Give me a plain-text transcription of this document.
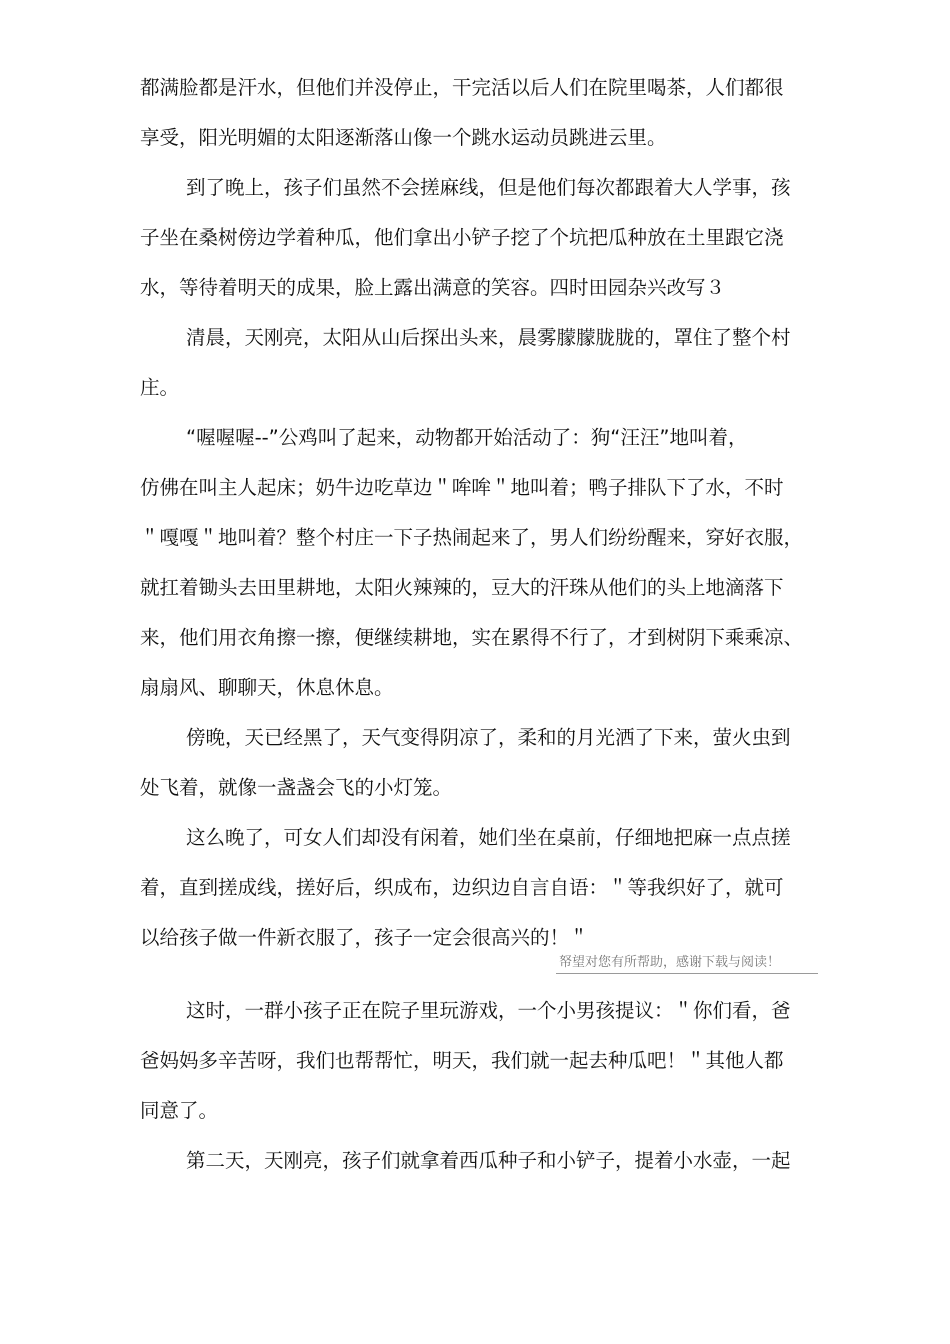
都满脸都是汗水，但他们并没停止，干完活以后人们在院里喝茶，人们都很
享受，阳光明媚的太阳逐渐落山像一个跳水运动员跳进云里。
到了晚上，孩子们虽然不会搓麻线，但是他们每次都跟着大人学事，孩
子坐在桑树傍边学着种瓜，他们拿出小铲子挖了个坑把瓜种放在土里跟它浇
水，等待着明天的成果，脸上露出满意的笑容。四时田园杂兴改写３
清晨，天刚亮，太阳从山后探出头来，晨雾朦朦胧胧的，罩住了整个村
庄。
“喔喔喔--”公鸡叫了起来，动物都开始活动了：狗“汪汪”地叫着，
仿佛在叫主人起床；奶牛边吃草边＂哞哞＂地叫着；鸭子排队下了水，不时
＂嘎嘎＂地叫着？整个村庄一下子热闹起来了，男人们纷纷醒来，穿好衣服，
就扛着锄头去田里耕地，太阳火辣辣的，豆大的汗珠从他们的头上地滴落下
来，他们用衣角擦一擦，便继续耕地，实在累得不行了，才到树阴下乘乘凉、
扇扇风、聊聊天，休息休息。
傍晚，天已经黑了，天气变得阴凉了，柔和的月光洒了下来，萤火虫到
处飞着，就像一盏盏会飞的小灯笼。
这么晚了，可女人们却没有闲着，她们坐在桌前，仔细地把麻一点点搓
着，直到搓成线，搓好后，织成布，边织边自言自语：＂等我织好了，就可
以给孩子做一件新衣服了，孩子一定会很高兴的！＂
帑望对您有所帮助，感谢下载与阅读！
这时，一群小孩子正在院子里玩游戏，一个小男孩提议：＂你们看，爸
爸妈妈多辛苦呀，我们也帮帮忙，明天，我们就一起去种瓜吧！＂其他人都
同意了。
第二天，天刚亮，孩子们就拿着西瓜种子和小铲子，提着小水壶，一起
